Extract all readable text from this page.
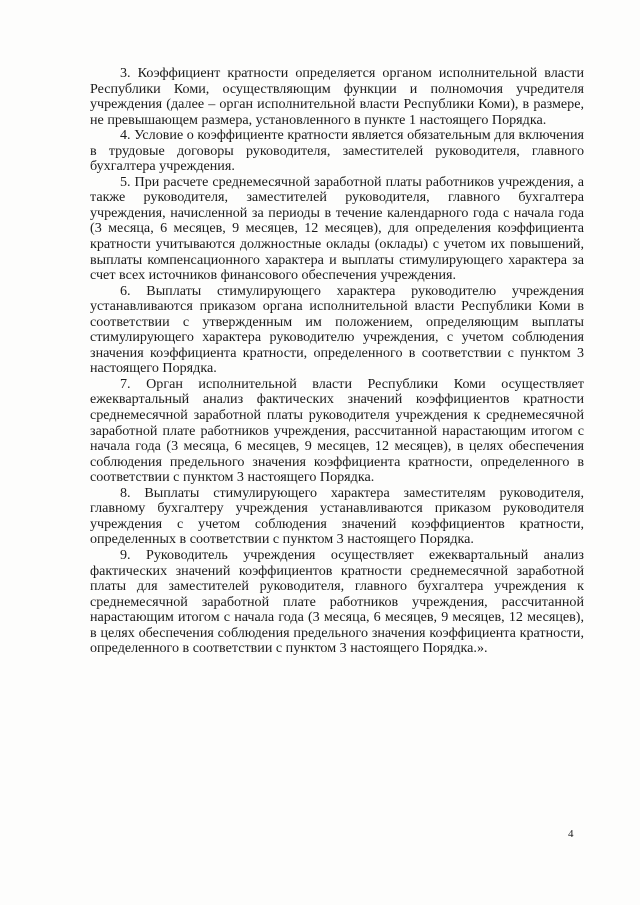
3. Коэффициент кратности определяется органом исполнительной власти Республики Коми, осуществляющим функции и полномочия учредителя учреждения (далее – орган исполнительной власти Республики Коми), в размере, не превышающем размера, установленного в пункте 1 настоящего Порядка.

4. Условие о коэффициенте кратности является обязательным для включения в трудовые договоры руководителя, заместителей руководителя, главного бухгалтера учреждения.

5. При расчете среднемесячной заработной платы работников учреждения, а также руководителя, заместителей руководителя, главного бухгалтера учреждения, начисленной за периоды в течение календарного года с начала года (3 месяца, 6 месяцев, 9 месяцев, 12 месяцев), для определения коэффициента кратности учитываются должностные оклады (оклады) с учетом их повышений, выплаты компенсационного характера и выплаты стимулирующего характера за счет всех источников финансового обеспечения учреждения.

6. Выплаты стимулирующего характера руководителю учреждения устанавливаются приказом органа исполнительной власти Республики Коми в соответствии с утвержденным им положением, определяющим выплаты стимулирующего характера руководителю учреждения, с учетом соблюдения значения коэффициента кратности, определенного в соответствии с пунктом 3 настоящего Порядка.

7. Орган исполнительной власти Республики Коми осуществляет ежеквартальный анализ фактических значений коэффициентов кратности среднемесячной заработной платы руководителя учреждения к среднемесячной заработной плате работников учреждения, рассчитанной нарастающим итогом с начала года (3 месяца, 6 месяцев, 9 месяцев, 12 месяцев), в целях обеспечения соблюдения предельного значения коэффициента кратности, определенного в соответствии с пунктом 3 настоящего Порядка.

8. Выплаты стимулирующего характера заместителям руководителя, главному бухгалтеру учреждения устанавливаются приказом руководителя учреждения с учетом соблюдения значений коэффициентов кратности, определенных в соответствии с пунктом 3 настоящего Порядка.

9. Руководитель учреждения осуществляет ежеквартальный анализ фактических значений коэффициентов кратности среднемесячной заработной платы для заместителей руководителя, главного бухгалтера учреждения к среднемесячной заработной плате работников учреждения, рассчитанной нарастающим итогом с начала года (3 месяца, 6 месяцев, 9 месяцев, 12 месяцев), в целях обеспечения соблюдения предельного значения коэффициента кратности, определенного в соответствии с пунктом 3 настоящего Порядка.».

4
